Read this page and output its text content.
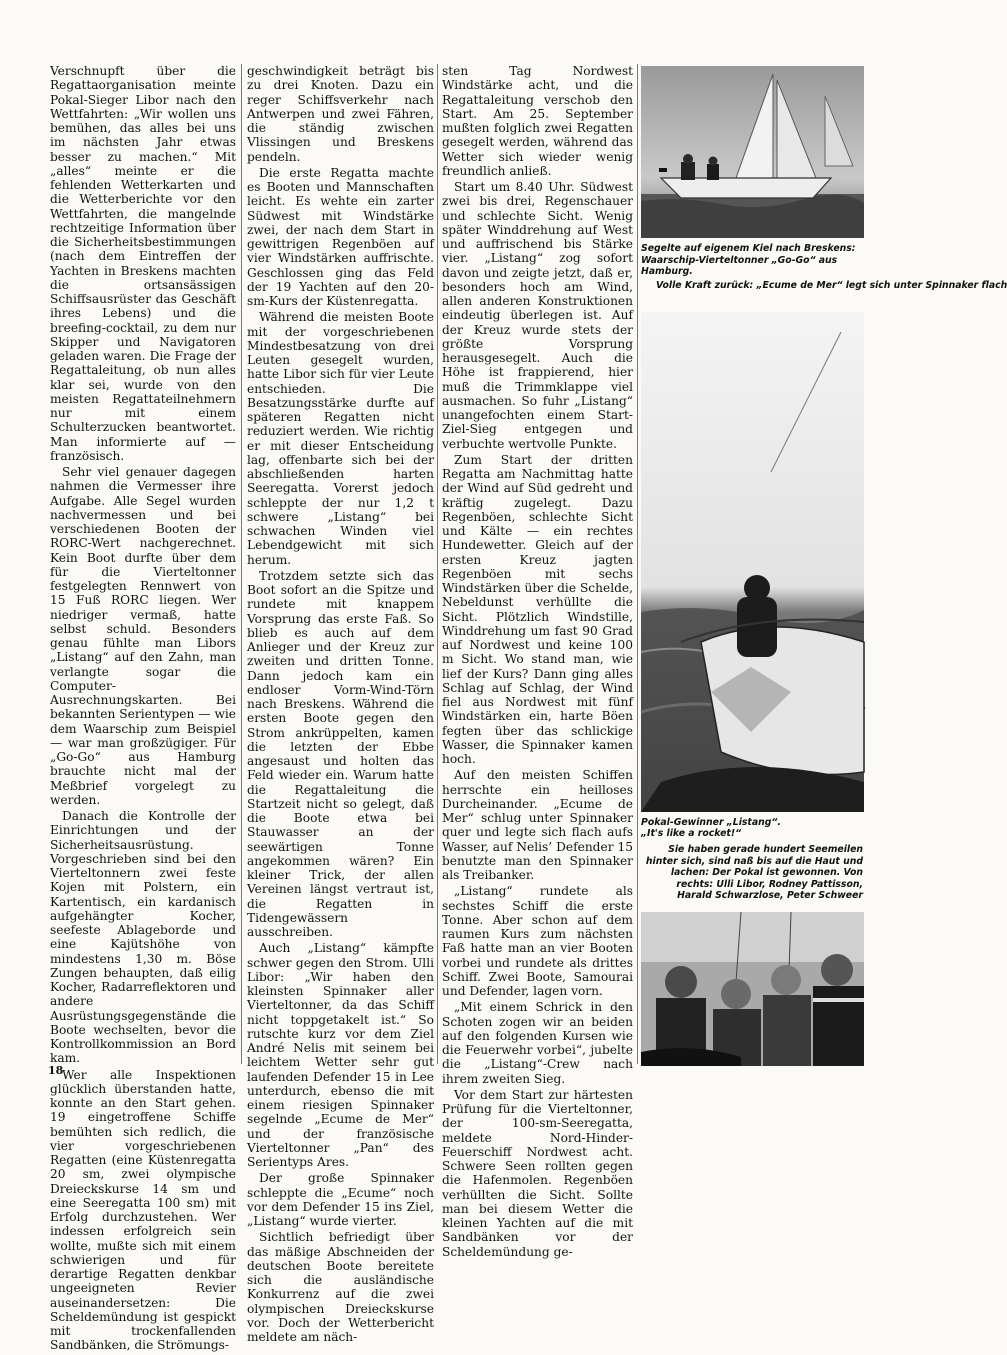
Verschnupft über die Regattaorganisation meinte Pokal-Sieger Libor nach den Wettfahrten: „Wir wollen uns bemühen, das alles bei uns im nächsten Jahr etwas besser zu machen.“ Mit „alles“ meinte er die fehlenden Wetterkarten und die Wetterberichte vor den Wettfahrten, die mangelnde rechtzeitige Information über die Sicherheitsbestimmungen (nach dem Eintreffen der Yachten in Breskens machten die ortsansässigen Schiffsausrüster das Geschäft ihres Lebens) und die breefing-cocktail, zu dem nur Skipper und Navigatoren geladen waren. Die Frage der Regattaleitung, ob nun alles klar sei, wurde von den meisten Regattateilnehmern nur mit einem Schulterzucken beantwortet. Man informierte auf — französisch.

Sehr viel genauer dagegen nahmen die Vermesser ihre Aufgabe. Alle Segel wurden nachvermessen und bei verschiedenen Booten der RORC-Wert nachgerechnet. Kein Boot durfte über dem für die Vierteltonner festgelegten Rennwert von 15 Fuß RORC liegen. Wer niedriger vermaß, hatte selbst schuld. Besonders genau fühlte man Libors „Listang“ auf den Zahn, man verlangte sogar die Computer-Ausrechnungskarten. Bei bekannten Serientypen — wie dem Waarschip zum Beispiel — war man großzügiger. Für „Go-Go“ aus Hamburg brauchte nicht mal der Meßbrief vorgelegt zu werden.

Danach die Kontrolle der Einrichtungen und der Sicherheitsausrüstung. Vorgeschrieben sind bei den Vierteltonnern zwei feste Kojen mit Polstern, ein Kartentisch, ein kardanisch aufgehängter Kocher, seefeste Ablageborde und eine Kajütshöhe von mindestens 1,30 m. Böse Zungen behaupten, daß eilig Kocher, Radarreflektoren und andere Ausrüstungsgegenstände die Boote wechselten, bevor die Kontrollkommission an Bord kam.

Wer alle Inspektionen glücklich überstanden hatte, konnte an den Start gehen. 19 eingetroffene Schiffe bemühten sich redlich, die vier vorgeschriebenen Regatten (eine Küstenregatta 20 sm, zwei olympische Dreieckskurse 14 sm und eine Seeregatta 100 sm) mit Erfolg durchzustehen. Wer indessen erfolgreich sein wollte, mußte sich mit einem schwierigen und für derartige Regatten denkbar ungeeigneten Revier auseinandersetzen: Die Scheldemündung ist gespickt mit trockenfallenden Sandbänken, die Strömungs-

geschwindigkeit beträgt bis zu drei Knoten. Dazu ein reger Schiffsverkehr nach Antwerpen und zwei Fähren, die ständig zwischen Vlissingen und Breskens pendeln.

Die erste Regatta machte es Booten und Mannschaften leicht. Es wehte ein zarter Südwest mit Windstärke zwei, der nach dem Start in gewittrigen Regenböen auf vier Windstärken auffrischte. Geschlossen ging das Feld der 19 Yachten auf den 20-sm-Kurs der Küstenregatta.

Während die meisten Boote mit der vorgeschriebenen Mindestbesatzung von drei Leuten gesegelt wurden, hatte Libor sich für vier Leute entschieden. Die Besatzungsstärke durfte auf späteren Regatten nicht reduziert werden. Wie richtig er mit dieser Entscheidung lag, offenbarte sich bei der abschließenden harten Seeregatta. Vorerst jedoch schleppte der nur 1,2 t schwere „Listang“ bei schwachen Winden viel Lebendgewicht mit sich herum.

Trotzdem setzte sich das Boot sofort an die Spitze und rundete mit knappem Vorsprung das erste Faß. So blieb es auch auf dem Anlieger und der Kreuz zur zweiten und dritten Tonne. Dann jedoch kam ein endloser Vorm-Wind-Törn nach Breskens. Während die ersten Boote gegen den Strom ankrüppelten, kamen die letzten der Ebbe angesaust und holten das Feld wieder ein. Warum hatte die Regattaleitung die Startzeit nicht so gelegt, daß die Boote etwa bei Stauwasser an der seewärtigen Tonne angekommen wären? Ein kleiner Trick, der allen Vereinen längst vertraut ist, die Regatten in Tidengewässern ausschreiben.

Auch „Listang“ kämpfte schwer gegen den Strom. Ulli Libor: „Wir haben den kleinsten Spinnaker aller Vierteltonner, da das Schiff nicht toppgetakelt ist.“ So rutschte kurz vor dem Ziel André Nelis mit seinem bei leichtem Wetter sehr gut laufenden Defender 15 in Lee unterdurch, ebenso die mit einem riesigen Spinnaker segelnde „Ecume de Mer“ und der französische Vierteltonner „Pan“ des Serientyps Ares.

Der große Spinnaker schleppte die „Ecume“ noch vor dem Defender 15 ins Ziel, „Listang“ wurde vierter.

Sichtlich befriedigt über das mäßige Abschneiden der deutschen Boote bereitete sich die ausländische Konkurrenz auf die zwei olympischen Dreieckskurse vor. Doch der Wetterbericht meldete am näch-

sten Tag Nordwest Windstärke acht, und die Regattaleitung verschob den Start. Am 25. September mußten folglich zwei Regatten gesegelt werden, während das Wetter sich wieder wenig freundlich anließ.

Start um 8.40 Uhr. Südwest zwei bis drei, Regenschauer und schlechte Sicht. Wenig später Winddrehung auf West und auffrischend bis Stärke vier. „Listang“ zog sofort davon und zeigte jetzt, daß er, besonders hoch am Wind, allen anderen Konstruktionen eindeutig überlegen ist. Auf der Kreuz wurde stets der größte Vorsprung herausgesegelt. Auch die Höhe ist frappierend, hier muß die Trimmklappe viel ausmachen. So fuhr „Listang“ unangefochten einem Start-Ziel-Sieg entgegen und verbuchte wertvolle Punkte.

Zum Start der dritten Regatta am Nachmittag hatte der Wind auf Süd gedreht und kräftig zugelegt. Dazu Regenböen, schlechte Sicht und Kälte — ein rechtes Hundewetter. Gleich auf der ersten Kreuz jagten Regenböen mit sechs Windstärken über die Schelde, Nebeldunst verhüllte die Sicht. Plötzlich Windstille, Winddrehung um fast 90 Grad auf Nordwest und keine 100 m Sicht. Wo stand man, wie lief der Kurs? Dann ging alles Schlag auf Schlag, der Wind fiel aus Nordwest mit fünf Windstärken ein, harte Böen fegten über das schlickige Wasser, die Spinnaker kamen hoch.

Auf den meisten Schiffen herrschte ein heilloses Durcheinander. „Ecume de Mer“ schlug unter Spinnaker quer und legte sich flach aufs Wasser, auf Nelis’ Defender 15 benutzte man den Spinnaker als Treibanker.

„Listang“ rundete als sechstes Schiff die erste Tonne. Aber schon auf dem raumen Kurs zum nächsten Faß hatte man an vier Booten vorbei und rundete als drittes Schiff. Zwei Boote, Samourai und Defender, lagen vorn.

„Mit einem Schrick in den Schoten zogen wir an beiden auf den folgenden Kursen wie die Feuerwehr vorbei“, jubelte die „Listang“-Crew nach ihrem zweiten Sieg.

Vor dem Start zur härtesten Prüfung für die Vierteltonner, der 100-sm-Seeregatta, meldete Nord-Hinder-Feuerschiff Nordwest acht. Schwere Seen rollten gegen die Hafenmolen. Regenböen verhüllten die Sicht. Sollte man bei diesem Wetter die kleinen Yachten auf die mit Sandbänken vor der Scheldemündung ge-

Segelte auf eigenem Kiel nach Breskens: Waarschip-Vierteltonner „Go-Go“ aus Hamburg.
Volle Kraft zurück: „Ecume de Mer“ legt sich unter Spinnaker flach
Pokal-Gewinner „Listang“.
„It's like a rocket!“
Sie haben gerade hundert Seemeilen hinter sich, sind naß bis auf die Haut und lachen: Der Pokal ist gewonnen. Von rechts: Ulli Libor, Rodney Pattisson, Harald Schwarzlose, Peter Schweer
18
